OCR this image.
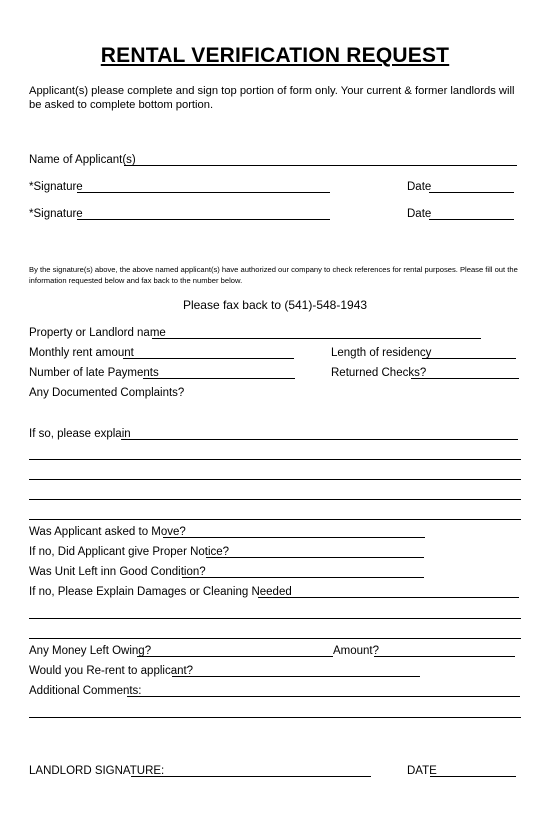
RENTAL VERIFICATION REQUEST
Applicant(s) please complete and sign top portion of form only. Your current & former landlords will be asked to complete bottom portion.
Name of Applicant(s)
*Signature	Date
*Signature	Date
By the signature(s) above, the above named applicant(s) have authorized our company to check references for rental purposes. Please fill out the information requested below and fax back to the number below.
Please fax back to (541)-548-1943
Property or Landlord name
Monthly rent amount	Length of residency
Number of late Payments	Returned Checks?
Any Documented Complaints?
If so, please explain
Was Applicant asked to Move?
If no, Did Applicant give Proper Notice?
Was Unit Left inn Good Condition?
If no, Please Explain Damages or Cleaning Needed
Any Money Left Owing?	Amount?
Would you Re-rent to applicant?
Additional Comments:
LANDLORD SIGNATURE:	DATE
